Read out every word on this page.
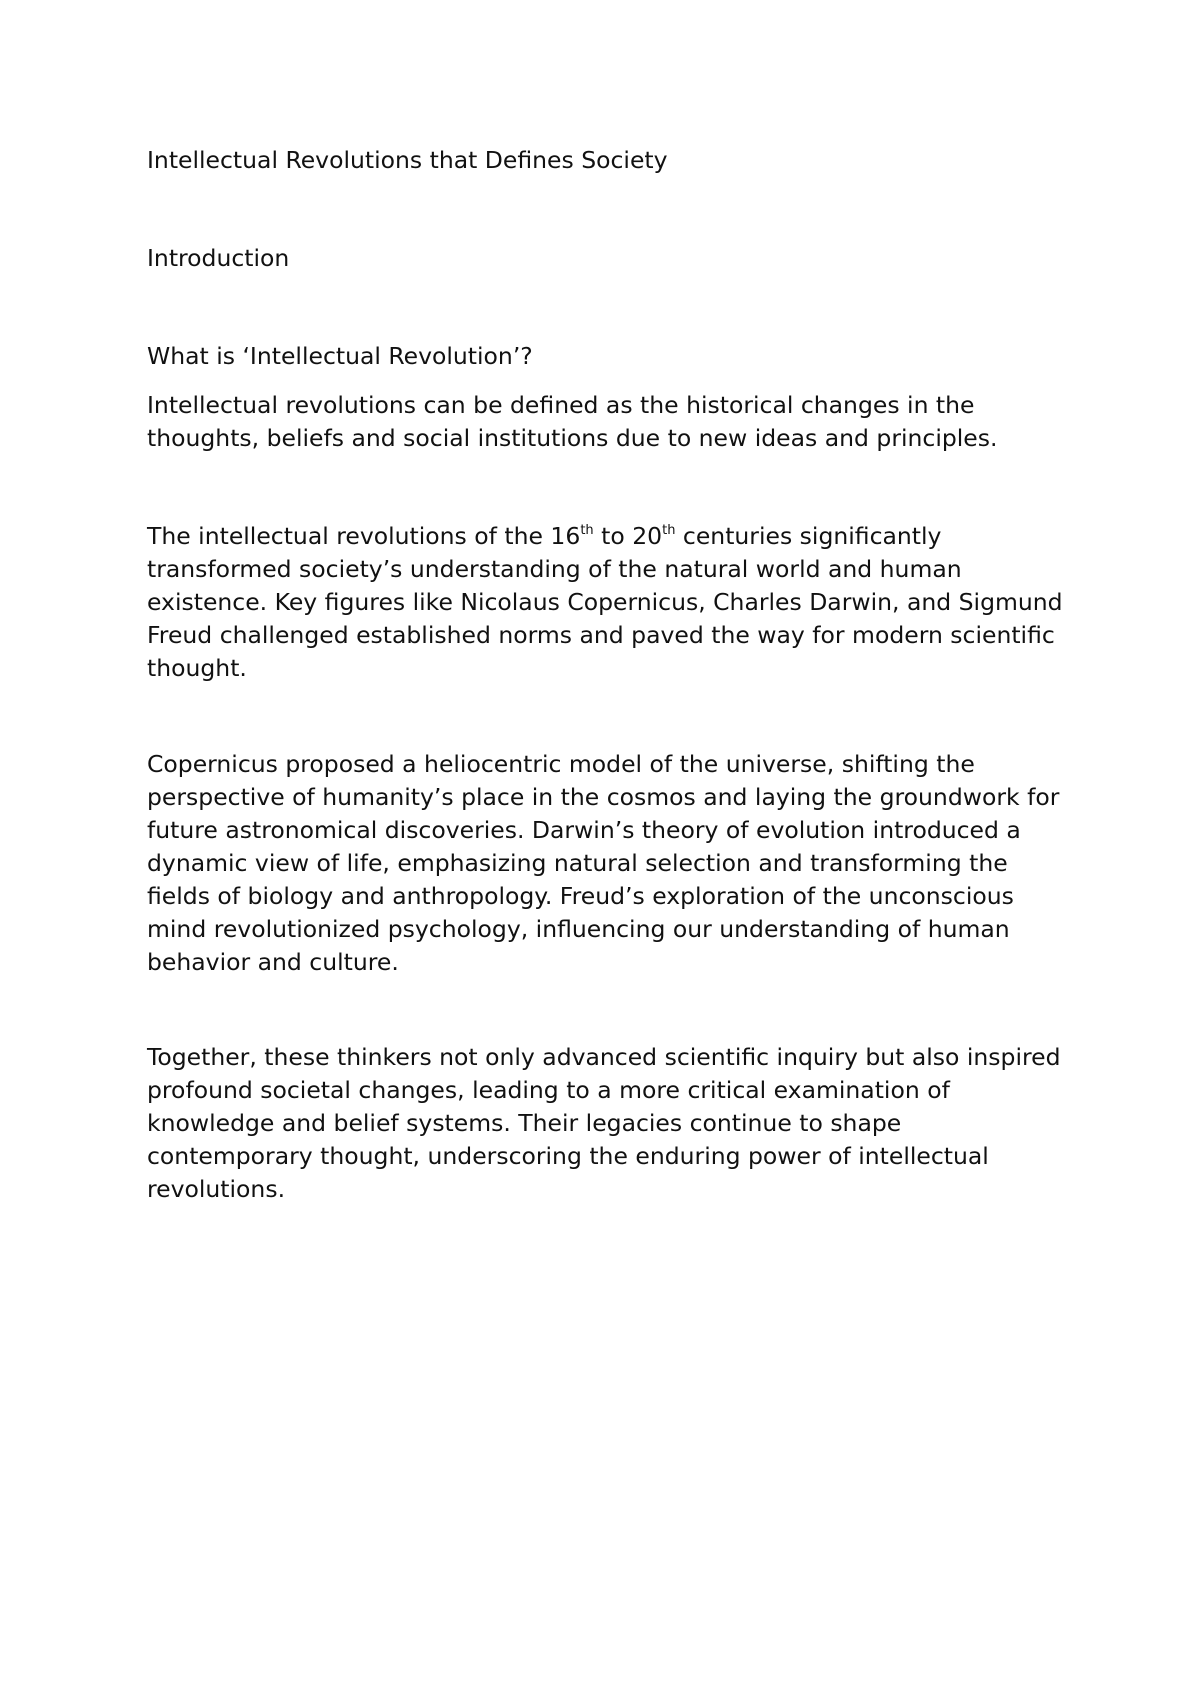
Intellectual Revolutions that Defines Society

Introduction

What is ‘Intellectual Revolution’?

Intellectual revolutions can be defined as the historical changes in the thoughts, beliefs and social institutions due to new ideas and principles.

The intellectual revolutions of the 16th to 20th centuries significantly transformed society’s understanding of the natural world and human existence. Key figures like Nicolaus Copernicus, Charles Darwin, and Sigmund Freud challenged established norms and paved the way for modern scientific thought.

Copernicus proposed a heliocentric model of the universe, shifting the perspective of humanity’s place in the cosmos and laying the groundwork for future astronomical discoveries. Darwin’s theory of evolution introduced a dynamic view of life, emphasizing natural selection and transforming the fields of biology and anthropology. Freud’s exploration of the unconscious mind revolutionized psychology, influencing our understanding of human behavior and culture.

Together, these thinkers not only advanced scientific inquiry but also inspired profound societal changes, leading to a more critical examination of knowledge and belief systems. Their legacies continue to shape contemporary thought, underscoring the enduring power of intellectual revolutions.
